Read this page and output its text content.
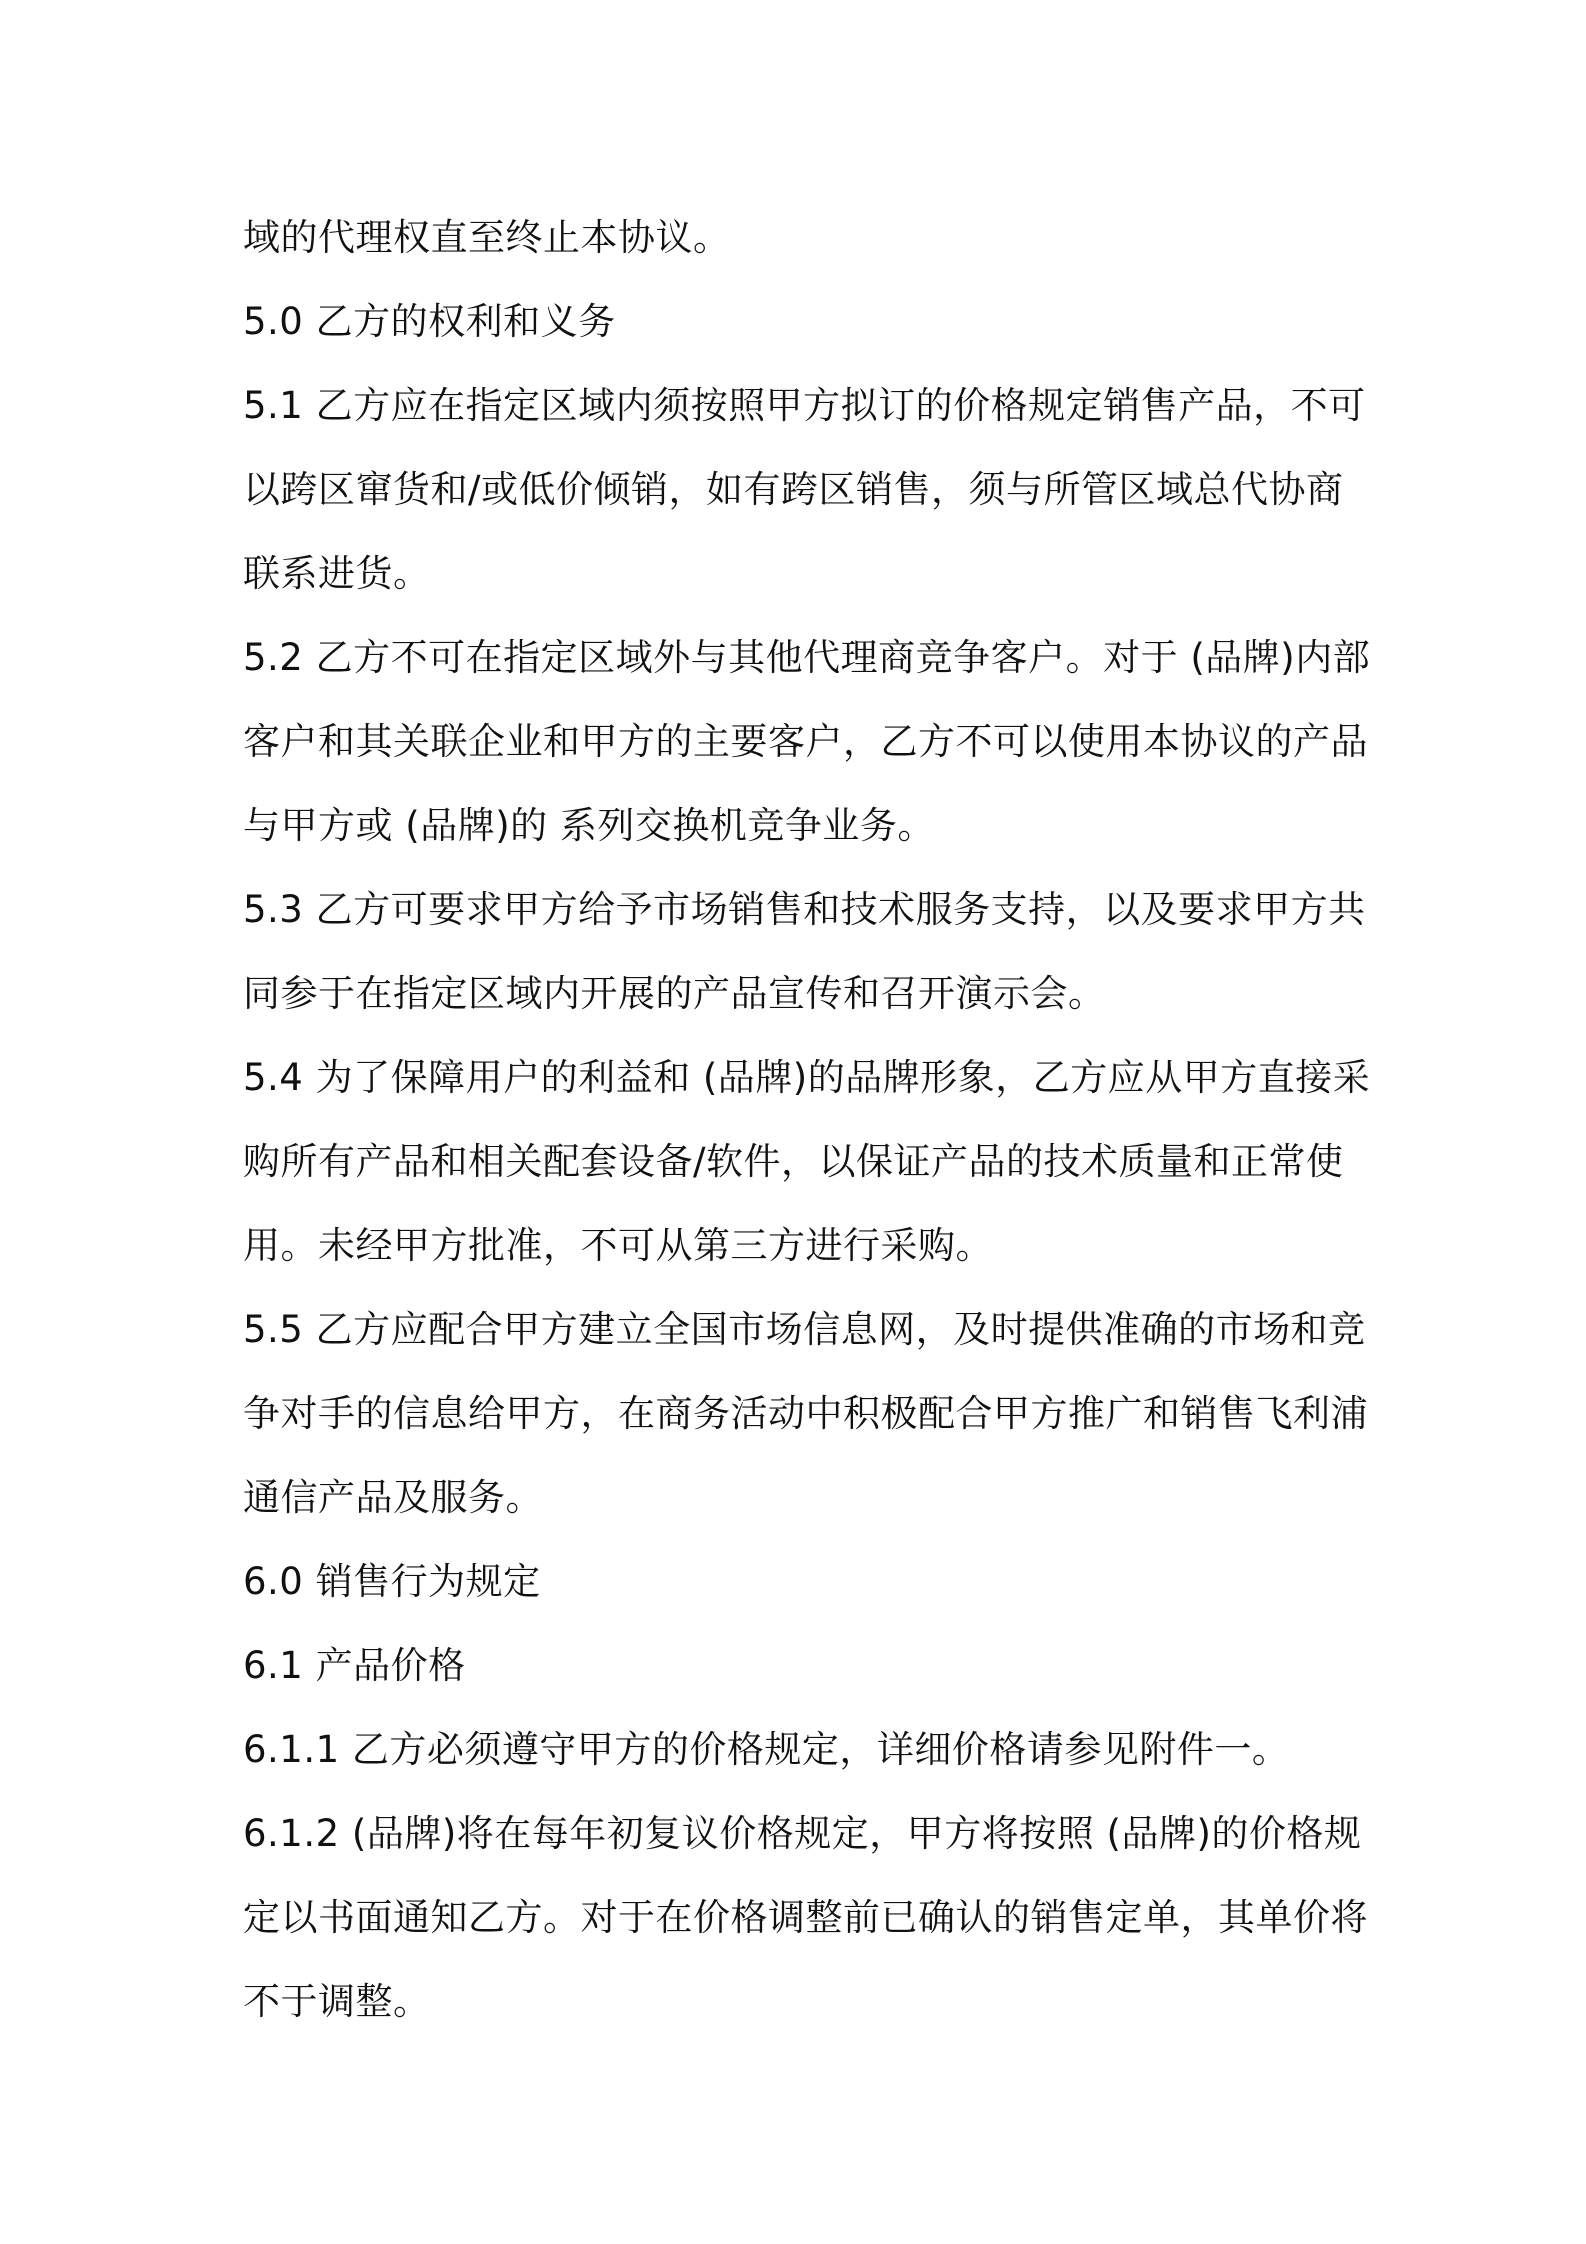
域的代理权直至终止本协议。
5.0 乙方的权利和义务
5.1 乙方应在指定区域内须按照甲方拟订的价格规定销售产品，不可
以跨区窜货和/或低价倾销，如有跨区销售，须与所管区域总代协商
联系进货。
5.2 乙方不可在指定区域外与其他代理商竞争客户。对于 (品牌)内部
客户和其关联企业和甲方的主要客户，乙方不可以使用本协议的产品
与甲方或 (品牌)的 系列交换机竞争业务。
5.3 乙方可要求甲方给予市场销售和技术服务支持，以及要求甲方共
同参于在指定区域内开展的产品宣传和召开演示会。
5.4 为了保障用户的利益和 (品牌)的品牌形象，乙方应从甲方直接采
购所有产品和相关配套设备/软件，以保证产品的技术质量和正常使
用。未经甲方批准，不可从第三方进行采购。
5.5 乙方应配合甲方建立全国市场信息网，及时提供准确的市场和竞
争对手的信息给甲方，在商务活动中积极配合甲方推广和销售飞利浦
通信产品及服务。
6.0 销售行为规定
6.1 产品价格
6.1.1 乙方必须遵守甲方的价格规定，详细价格请参见附件一。
6.1.2 (品牌)将在每年初复议价格规定，甲方将按照 (品牌)的价格规
定以书面通知乙方。对于在价格调整前已确认的销售定单，其单价将
不于调整。
